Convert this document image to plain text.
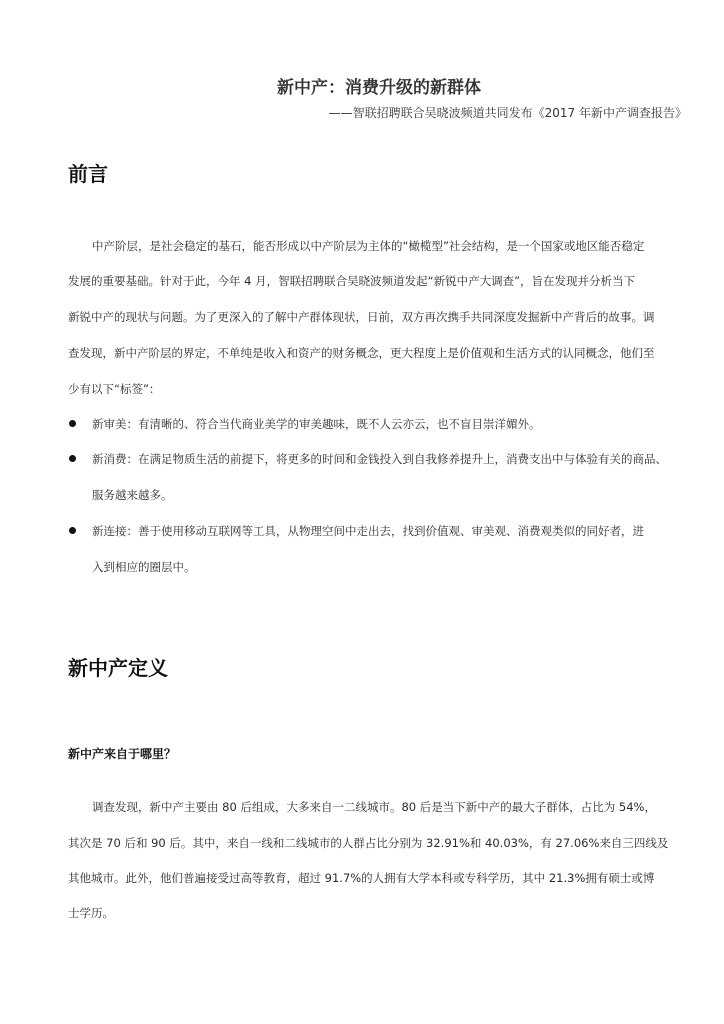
新中产：消费升级的新群体
——智联招聘联合吴晓波频道共同发布《2017 年新中产调查报告》
前言
中产阶层，是社会稳定的基石，能否形成以中产阶层为主体的“橄榄型”社会结构，是一个国家或地区能否稳定
发展的重要基础。针对于此，今年 4 月，智联招聘联合吴晓波频道发起“新锐中产大调查”，旨在发现并分析当下
新锐中产的现状与问题。为了更深入的了解中产群体现状，日前，双方再次携手共同深度发掘新中产背后的故事。调
查发现，新中产阶层的界定，不单纯是收入和资产的财务概念，更大程度上是价值观和生活方式的认同概念，他们至
少有以下“标签”：
新审美：有清晰的、符合当代商业美学的审美趣味，既不人云亦云，也不盲目崇洋媚外。
新消费：在满足物质生活的前提下，将更多的时间和金钱投入到自我修养提升上，消费支出中与体验有关的商品、
服务越来越多。
新连接：善于使用移动互联网等工具，从物理空间中走出去，找到价值观、审美观、消费观类似的同好者，进
入到相应的圈层中。
新中产定义
新中产来自于哪里？
调查发现，新中产主要由 80 后组成，大多来自一二线城市。80 后是当下新中产的最大子群体，占比为 54%，
其次是 70 后和 90 后。其中，来自一线和二线城市的人群占比分别为 32.91%和 40.03%，有 27.06%来自三四线及
其他城市。此外，他们普遍接受过高等教育，超过 91.7%的人拥有大学本科或专科学历，其中 21.3%拥有硕士或博
士学历。
